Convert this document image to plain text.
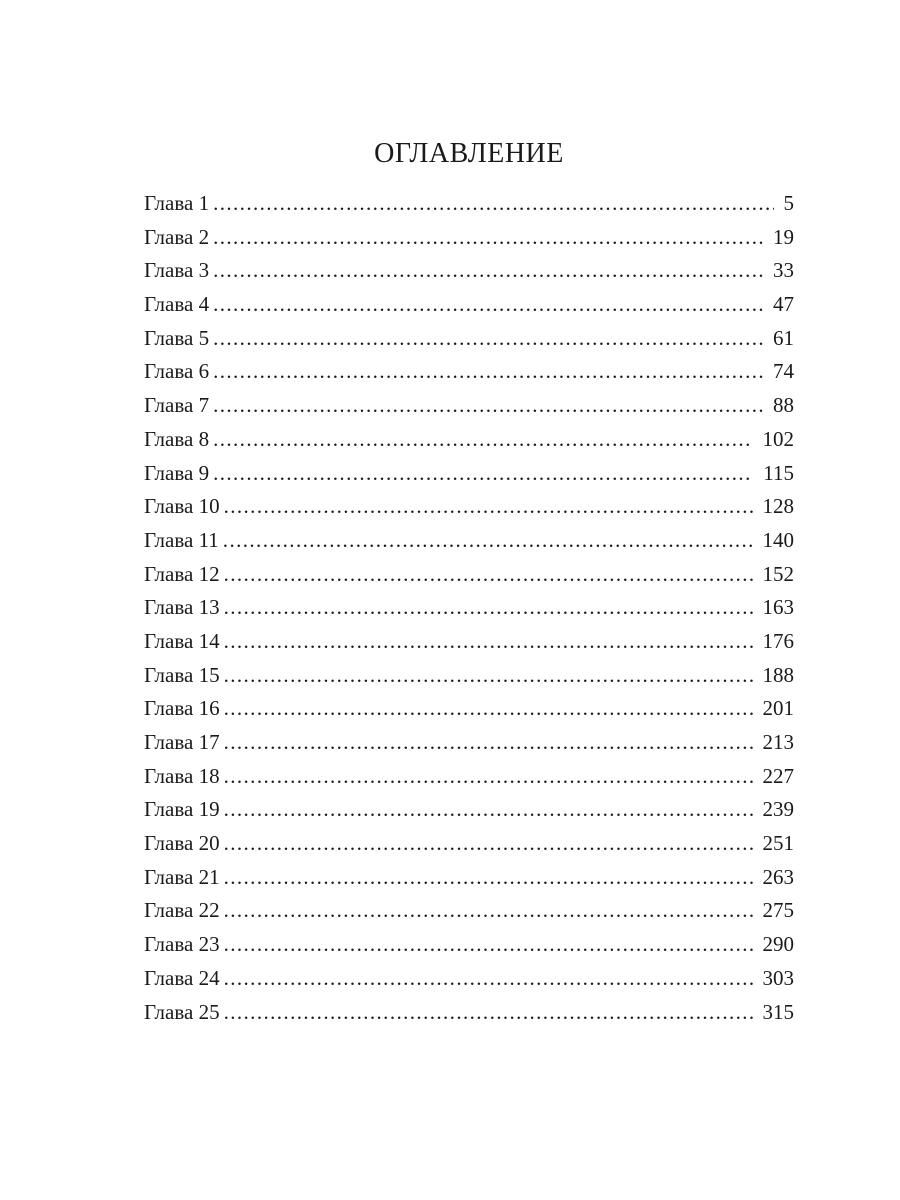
ОГЛАВЛЕНИЕ
Глава 1 .....	5
Глава 2 .....	19
Глава 3 .....	33
Глава 4 .....	47
Глава 5 .....	61
Глава 6 .....	74
Глава 7 .....	88
Глава 8 .....	102
Глава 9 .....	115
Глава 10 .....	128
Глава 11 .....	140
Глава 12 .....	152
Глава 13 .....	163
Глава 14 .....	176
Глава 15 .....	188
Глава 16 .....	201
Глава 17 .....	213
Глава 18 .....	227
Глава 19 .....	239
Глава 20 .....	251
Глава 21 .....	263
Глава 22 .....	275
Глава 23 .....	290
Глава 24 .....	303
Глава 25 .....	315
